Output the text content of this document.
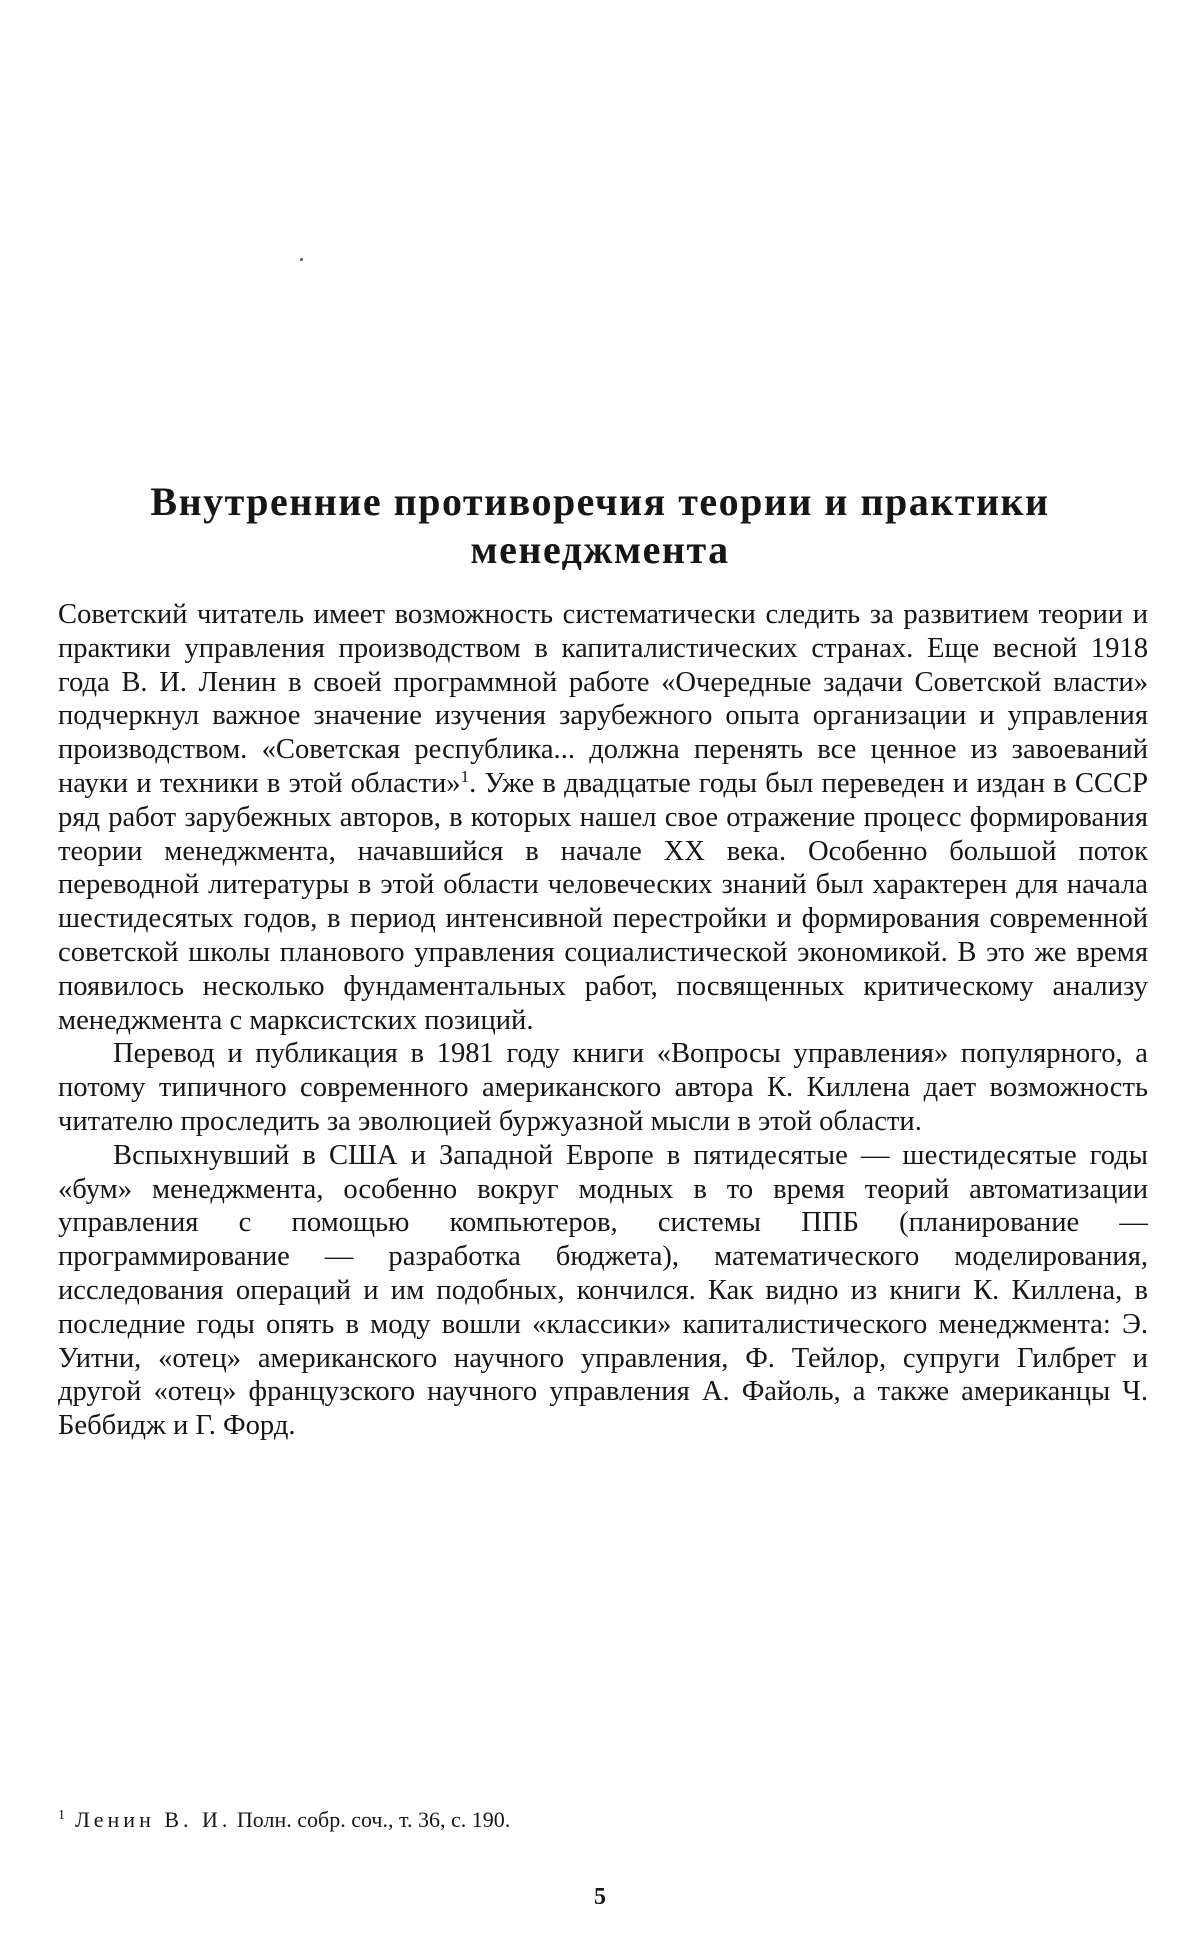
Внутренние противоречия теории и практики менеджмента

Советский читатель имеет возможность систематически следить за развитием теории и практики управления производством в капиталистических странах. Еще весной 1918 года В. И. Ленин в своей программной работе «Очередные задачи Советской власти» подчеркнул важное значение изучения зарубежного опыта организации и управления производством. «Советская республика... должна перенять все ценное из завоеваний науки и техники в этой области»$^1$. Уже в двадцатые годы был переведен и издан в СССР ряд работ зарубежных авторов, в которых нашел свое отражение процесс формирования теории менеджмента, начавшийся в начале XX века. Особенно большой поток переводной литературы в этой области человеческих знаний был характерен для начала шестидесятых годов, в период интенсивной перестройки и формирования современной советской школы планового управления социалистической экономикой. В это же время появилось несколько фундаментальных работ, посвященных критическому анализу менеджмента с марксистских позиций.

Перевод и публикация в 1981 году книги «Вопросы управления» популярного, а потому типичного современного американского автора К. Киллена дает возможность читателю проследить за эволюцией буржуазной мысли в этой области.

Вспыхнувший в США и Западной Европе в пятидесятые — шестидесятые годы «бум» менеджмента, особенно вокруг модных в то время теорий автоматизации управления с помощью компьютеров, системы ППБ (планирование — программирование — разработка бюджета), математического моделирования, исследования операций и им подобных, кончился. Как видно из книги К. Киллена, в последние годы опять в моду вошли «классики» капиталистического менеджмента: Э. Уитни, «отец» американского научного управления, Ф. Тейлор, супруги Гилбрет и другой «отец» французского научного управления А. Файоль, а также американцы Ч. Беббидж и Г. Форд.

$^1$ Ленин В. И. Полн. собр. соч., т. 36, с. 190.
5
